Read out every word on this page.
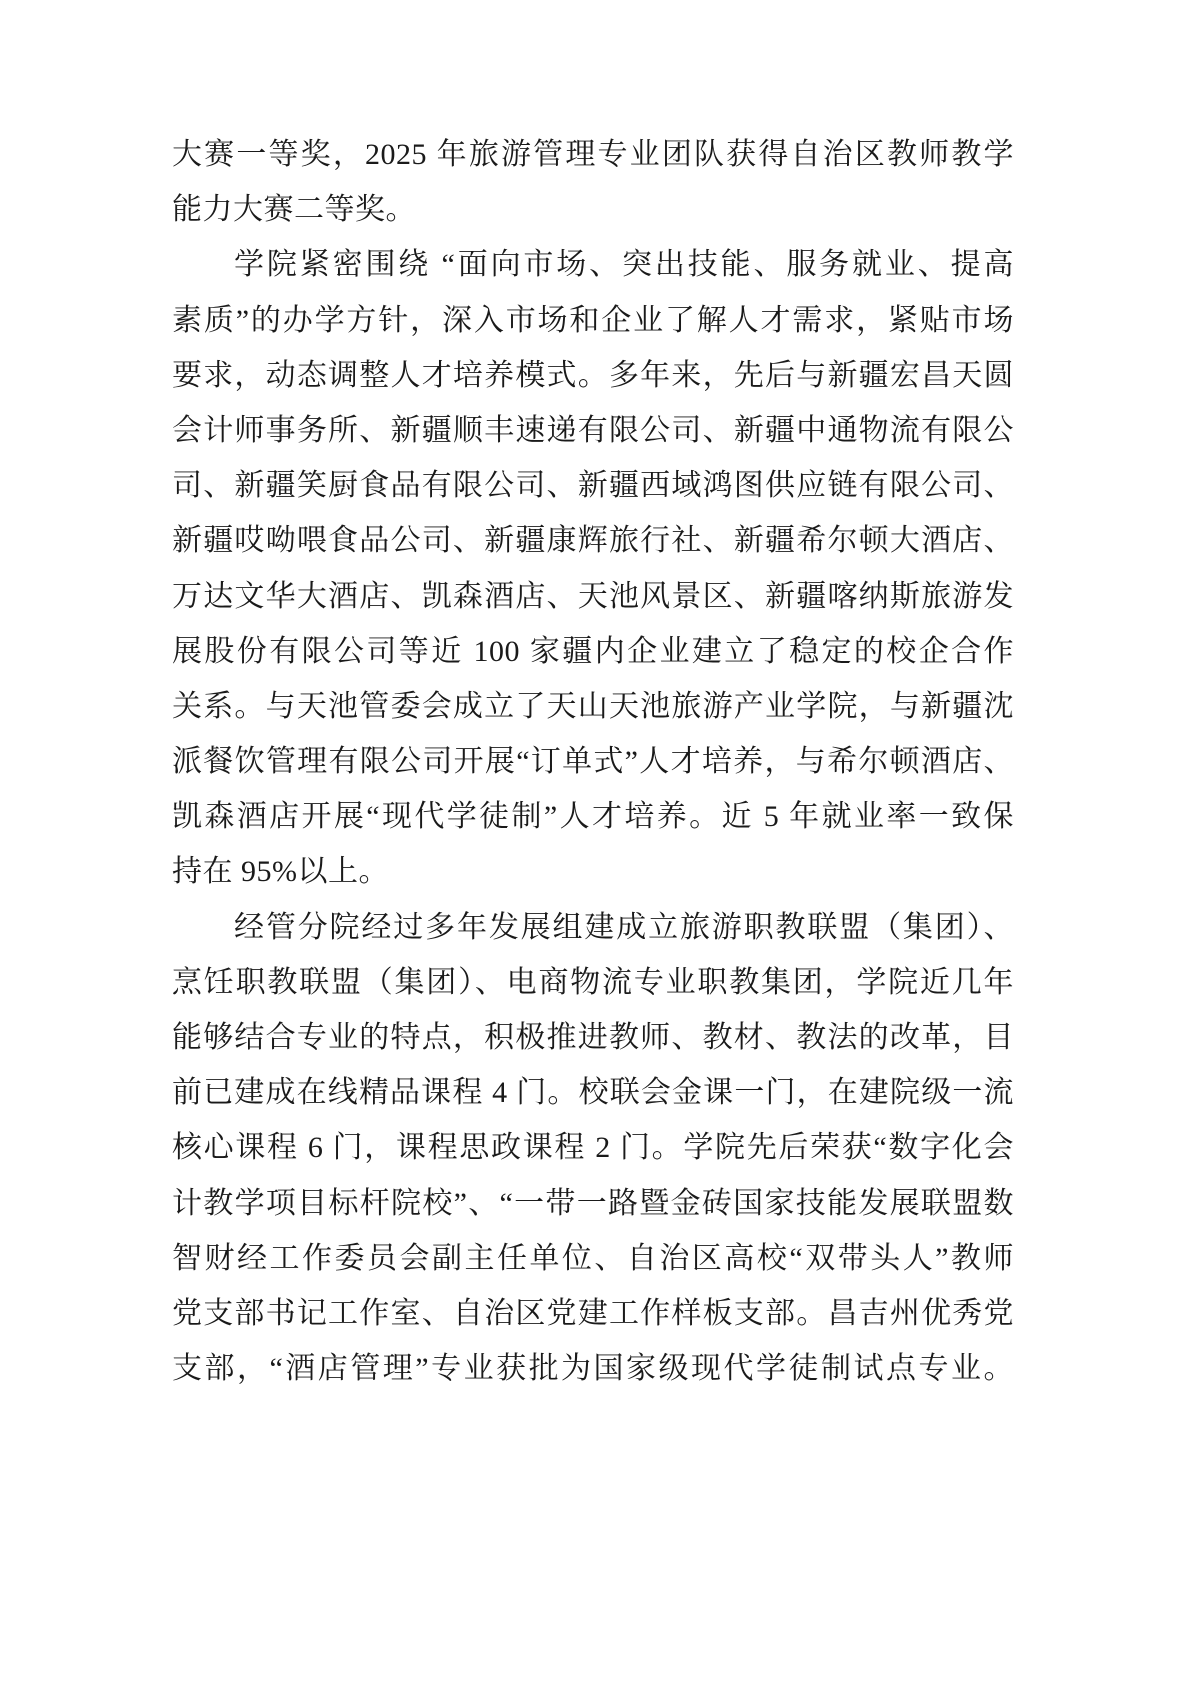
大赛一等奖，2025 年旅游管理专业团队获得自治区教师教学
能力大赛二等奖。
学院紧密围绕 “面向市场、突出技能、服务就业、提高
素质”的办学方针，深入市场和企业了解人才需求，紧贴市场
要求，动态调整人才培养模式。多年来，先后与新疆宏昌天圆
会计师事务所、新疆顺丰速递有限公司、新疆中通物流有限公
司、新疆笑厨食品有限公司、新疆西域鸿图供应链有限公司、
新疆哎呦喂食品公司、新疆康辉旅行社、新疆希尔顿大酒店、
万达文华大酒店、凯森酒店、天池风景区、新疆喀纳斯旅游发
展股份有限公司等近 100 家疆内企业建立了稳定的校企合作
关系。与天池管委会成立了天山天池旅游产业学院，与新疆沈
派餐饮管理有限公司开展“订单式”人才培养，与希尔顿酒店、
凯森酒店开展“现代学徒制”人才培养。近 5 年就业率一致保
持在 95%以上。
经管分院经过多年发展组建成立旅游职教联盟（集团）、
烹饪职教联盟（集团）、电商物流专业职教集团，学院近几年
能够结合专业的特点，积极推进教师、教材、教法的改革，目
前已建成在线精品课程 4 门。校联会金课一门，在建院级一流
核心课程 6 门，课程思政课程 2 门。学院先后荣获“数字化会
计教学项目标杆院校”、“一带一路暨金砖国家技能发展联盟数
智财经工作委员会副主任单位、自治区高校“双带头人”教师
党支部书记工作室、自治区党建工作样板支部。昌吉州优秀党
支部，“酒店管理”专业获批为国家级现代学徒制试点专业。
